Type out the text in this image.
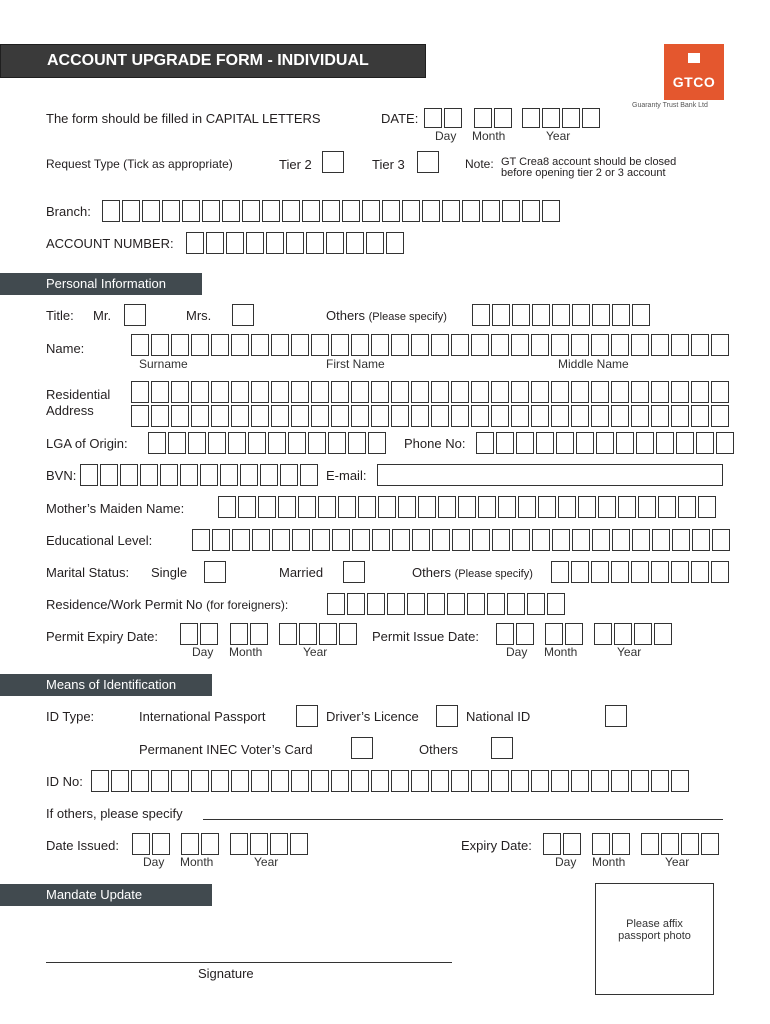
ACCOUNT UPGRADE FORM - INDIVIDUAL
GTCO
Guaranty Trust Bank Ltd
The form should be filled in CAPITAL LETTERS	DATE:
Day Month	Year
Request Type (Tick as appropriate)	Tier 2	Tier 3	Note: GT Crea8 account should be closed
before opening tier 2 or 3 account
Branch:
ACCOUNT NUMBER:
Personal Information
Title: Mr.	Mrs.	Others (Please specify)
Name:
Surname	First Name	Middle Name
Residential
Address
LGA of Origin:	Phone No:
BVN:	E-mail:
Mother’s Maiden Name:
Educational Level:
Marital Status: Single	Married	Others (Please specify)
Residence/Work Permit No (for foreigners):
Permit Expiry Date:
Day Month	Year
Permit Issue Date:
Day Month	Year
Means of Identification
ID Type:	International Passport	Driver’s Licence	National ID
Permanent INEC Voter’s Card	Others
ID No:
If others, please specify
Date Issued:
Day Month	Year
Expiry Date:
Day Month	Year
Mandate Update
Signature
Please affix
passport photo
